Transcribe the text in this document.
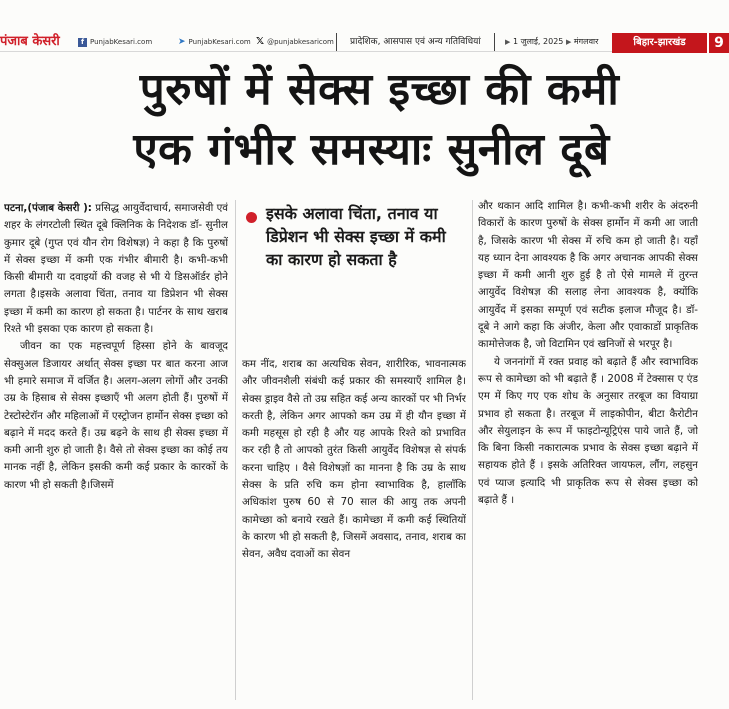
पंजाब केसरी	f PunjabKesari.com	➤ PunjabKesari.com 𝕏 @punjabkesaricom प्रादेशिक, आसपास एवं अन्य गतिविधियां	▶ 1 जुलाई, 2025 ▶ मंगलवार	बिहार-झारखंड	9
पुरुषों में सेक्स इच्छा की कमी
एक गंभीर समस्याः सुनील दूबे

पटना,(पंजाब केसरी ): प्रसिद्ध आयुर्वेदाचार्य, समाजसेवी एवं शहर के लंगरटोली स्थित दूबे क्लिनिक के निदेशक डॉ- सुनील कुमार दूबे (गुप्त एवं यौन रोग विशेषज्ञ) ने कहा है कि पुरुषों में सेक्स इच्छा में कमी एक गंभीर बीमारी है। कभी-कभी किसी बीमारी या दवाइयों की वजह से भी ये डिसऑर्डर होने लगता है।इसके अलावा चिंता, तनाव या डिप्रेशन भी सेक्स इच्छा में कमी का कारण हो सकता है। पार्टनर के साथ खराब रिश्ते भी इसका एक कारण हो सकता है।

जीवन का एक महत्त्वपूर्ण हिस्सा होने के बावजूद सेक्सुअल डिजायर अर्थात् सेक्स इच्छा पर बात करना आज भी हमारे समाज में वर्जित है। अलग-अलग लोगों और उनकी उम्र के हिसाब से सेक्स इच्छाएँ भी अलग होती हैं। पुरुषों में टेस्टोस्टेरॉन और महिलाओं में एस्ट्रोजन हार्मोन सेक्स इच्छा को बढ़ाने में मदद करते हैं। उम्र बढ़ने के साथ ही सेक्स इच्छा में कमी आनी शुरु हो जाती है। वैसे तो सेक्स इच्छा का कोई तय मानक नहीं है, लेकिन इसकी कमी कई प्रकार के कारकों के कारण भी हो सकती है।जिसमें

इसके अलावा चिंता, तनाव या डिप्रेशन भी सेक्स इच्छा में कमी का कारण हो सकता है

कम नींद, शराब का अत्यधिक सेवन, शारीरिक, भावनात्मक और जीवनशैली संबंधी कई प्रकार की समस्याएँ शामिल है। सेक्स ड्राइव वैसे तो उम्र सहित कई अन्य कारकों पर भी निर्भर करती है, लेकिन अगर आपको कम उम्र में ही यौन इच्छा में कमी महसूस हो रही है और यह आपके रिश्ते को प्रभावित कर रही है तो आपको तुरंत किसी आयुर्वेद विशेषज्ञ से संपर्क करना चाहिए । वैसे विशेषज्ञों का मानना है कि उम्र के साथ सेक्स के प्रति रुचि कम होना स्वाभाविक है, हालाँकि अधिकांश पुरुष 60 से 70 साल की आयु तक अपनी कामेच्छा को बनाये रखते हैं। कामेच्छा में कमी कई स्थितियों के कारण भी हो सकती है, जिसमें अवसाद, तनाव, शराब का सेवन, अवैध दवाओं का सेवन

और थकान आदि शामिल है। कभी-कभी शरीर के अंदरुनी विकारों के कारण पुरुषों के सेक्स हार्मोन में कमी आ जाती है, जिसके कारण भी सेक्स में रुचि कम हो जाती है। यहाँ यह ध्यान देना आवश्यक है कि अगर अचानक आपकी सेक्स इच्छा में कमी आनी शुरु हुई है तो ऐसे मामले में तुरन्त आयुर्वेद विशेषज्ञ की सलाह लेना आवश्यक है, क्योंकि आयुर्वेद में इसका सम्पूर्ण एवं सटीक इलाज मौजूद है। डॉ- दूबे ने आगे कहा कि अंजीर, केला और एवाकाडों प्राकृतिक कामोत्तेजक है, जो विटामिन एवं खनिजों से भरपूर है।

ये जननांगों में रक्त प्रवाह को बढ़ाते हैं और स्वाभाविक रूप से कामेच्छा को भी बढ़ाते हैं । 2008 में टेक्सास ए एंड एम में किए गए एक शोध के अनुसार तरबूज का वियाग्रा प्रभाव हो सकता है। तरबूज में लाइकोपीन, बीटा कैरोटीन और सेयुलाइन के रूप में फाइटोन्यूट्रिएंस पाये जाते हैं, जो कि बिना किसी नकारात्मक प्रभाव के सेक्स इच्छा बढ़ाने में सहायक होते हैं । इसके अतिरिक्त जायफल, लौंग, लहसुन एवं प्याज इत्यादि भी प्राकृतिक रूप से सेक्स इच्छा को बढ़ाते हैं ।
